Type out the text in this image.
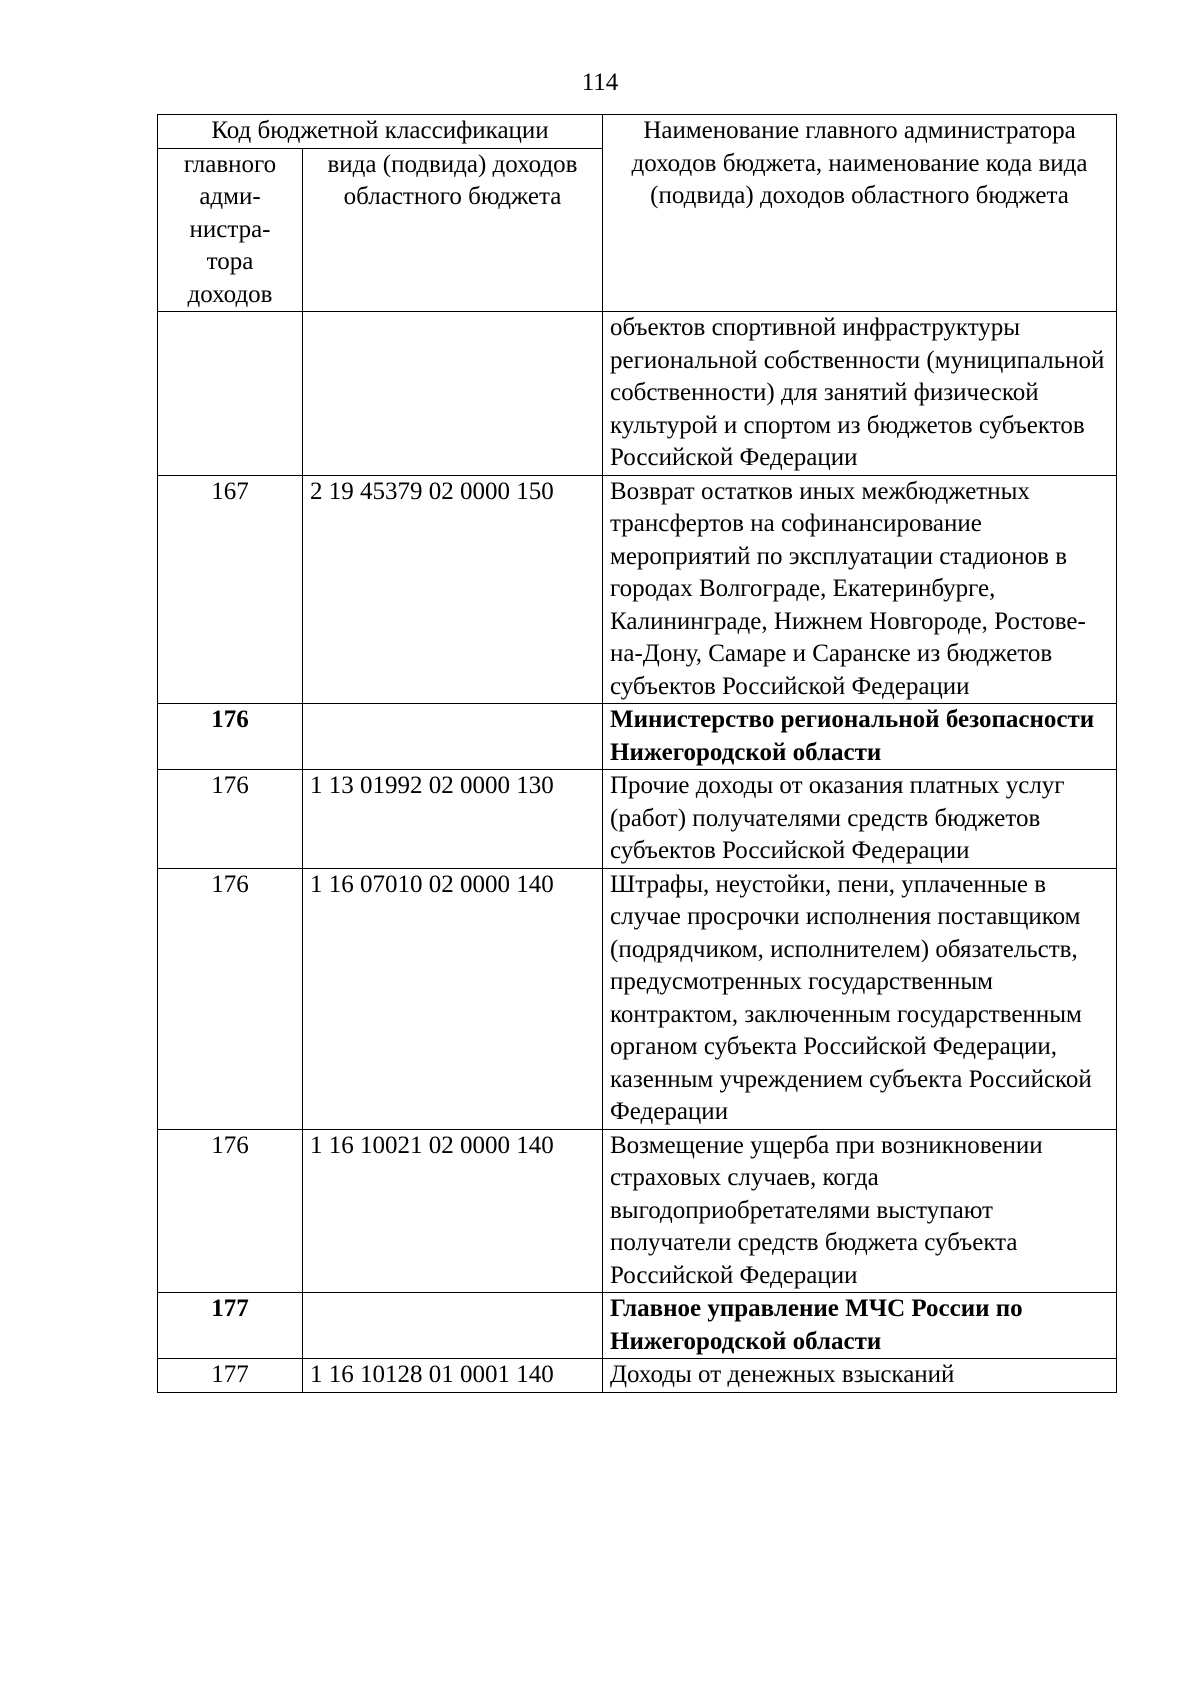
114
Код бюджетной классификации		Наименование главного администратора доходов бюджета, наименование кода вида (подвида) доходов областного бюджета
главного адми- нистра- тора доходов	вида (подвида) доходов областного бюджета	
		объектов спортивной инфраструктуры региональной собственности (муниципальной собственности) для занятий физической культурой и спортом из бюджетов субъектов Российской Федерации
167	2 19 45379 02 0000 150	Возврат остатков иных межбюджетных трансфертов на софинансирование мероприятий по эксплуатации стадионов в городах Волгограде, Екатеринбурге, Калининграде, Нижнем Новгороде, Ростове-на-Дону, Самаре и Саранске из бюджетов субъектов Российской Федерации
176		Министерство региональной безопасности Нижегородской области
176	1 13 01992 02 0000 130	Прочие доходы от оказания платных услуг (работ) получателями средств бюджетов субъектов Российской Федерации
176	1 16 07010 02 0000 140	Штрафы, неустойки, пени, уплаченные в случае просрочки исполнения поставщиком (подрядчиком, исполнителем) обязательств, предусмотренных государственным контрактом, заключенным государственным органом субъекта Российской Федерации, казенным учреждением субъекта Российской Федерации
176	1 16 10021 02 0000 140	Возмещение ущерба при возникновении страховых случаев, когда выгодоприобретателями выступают получатели средств бюджета субъекта Российской Федерации
177		Главное управление МЧС России по Нижегородской области
177	1 16 10128 01 0001 140	Доходы от денежных взысканий
